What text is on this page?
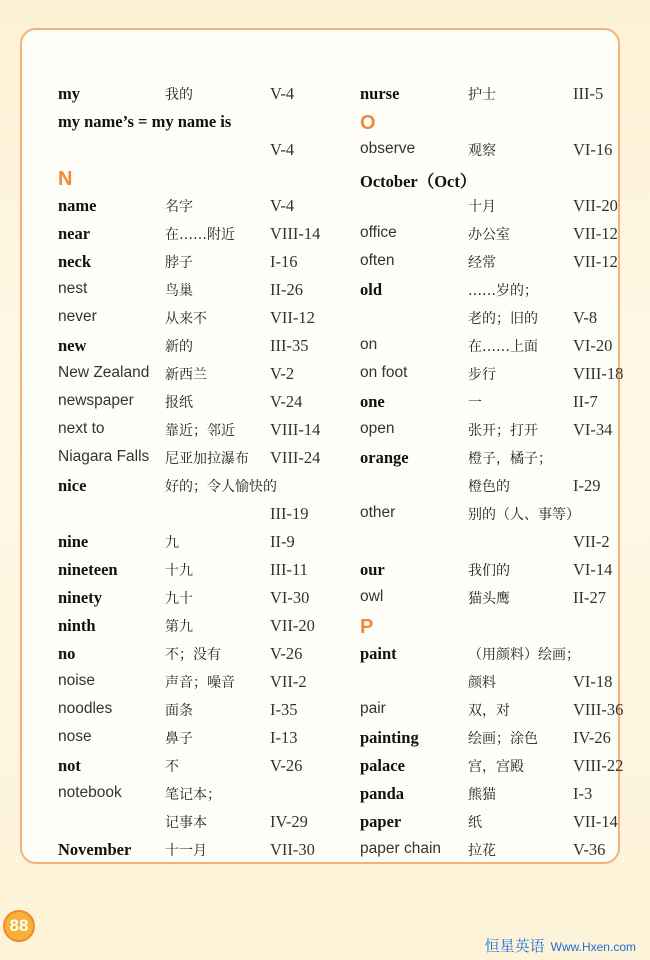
my	我的	V-4
my name’s = my name is
V-4
N
name	名字	V-4
near	在……附近 VIII-14
neck	脖子	I-16
nest	鸟巢	II-26
never	从来不	VII-12
new	新的	III-35
New Zealand 新西兰	V-2
newspaper 报纸	V-24
next to	靠近；邻近 VIII-14
Niagara Falls 尼亚加拉瀑布 VIII-24
nice	好的；令人愉快的
III-19
nine	九	II-9
nineteen	十九	III-11
ninety	九十	VI-30
ninth	第九	VII-20
no	不；没有	V-26
noise	声音；噪音 VII-2
noodles	面条	I-35
nose	鼻子	I-13
not	不	V-26
notebook	笔记本；
记事本	IV-29
November 十一月	VII-30
nurse	护士	III-5
O
observe	观察	VI-16
October（Oct）
十月	VII-20
office	办公室	VII-12
often	经常	VII-12
old	……岁的；
老的；旧的 V-8
on	在……上面 VI-20
on foot	步行	VIII-18
one	一	II-7
open	张开；打开 VI-34
orange	橙子，橘子；
橙色的	I-29
other	别的（人、事等）
VII-2
our	我们的	VI-14
owl	猫头鹰	II-27
P
paint	（用颜料）绘画；
颜料	VI-18
pair	双，对	VIII-36
painting	绘画；涂色 IV-26
palace	宫，宫殿	VIII-22
panda	熊猫	I-3
paper	纸	VII-14
paper chain 拉花	V-36
88
恒星英语 Www.Hxen.com
